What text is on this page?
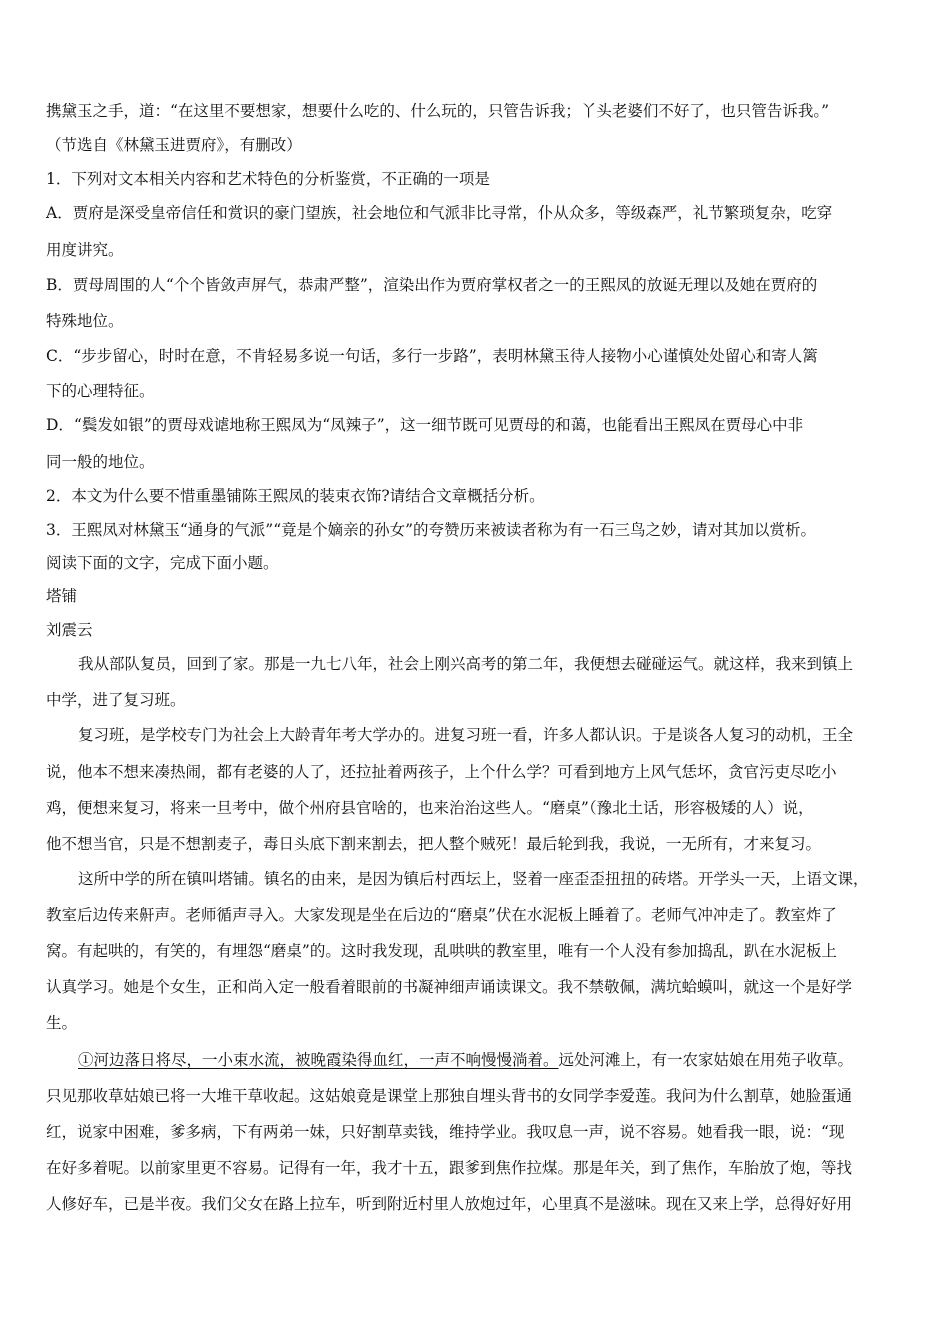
携黛玉之手，道：“在这里不要想家，想要什么吃的、什么玩的，只管告诉我；丫头老婆们不好了，也只管告诉我。”
（节选自《林黛玉进贾府》，有删改）
1．下列对文本相关内容和艺术特色的分析鉴赏，不正确的一项是
A．贾府是深受皇帝信任和赏识的豪门望族，社会地位和气派非比寻常，仆从众多，等级森严，礼节繁琐复杂，吃穿
用度讲究。
B．贾母周围的人“个个皆敛声屏气，恭肃严整”，渲染出作为贾府掌权者之一的王熙凤的放诞无理以及她在贾府的
特殊地位。
C．“步步留心，时时在意，不肯轻易多说一句话，多行一步路”，表明林黛玉待人接物小心谨慎处处留心和寄人篱
下的心理特征。
D．“鬓发如银”的贾母戏谑地称王熙凤为“凤辣子”，这一细节既可见贾母的和蔼，也能看出王熙凤在贾母心中非
同一般的地位。
2．本文为什么要不惜重墨铺陈王熙凤的装束衣饰?请结合文章概括分析。
3．王熙凤对林黛玉“通身的气派”“竟是个嫡亲的孙女”的夸赞历来被读者称为有一石三鸟之妙，请对其加以赏析。
阅读下面的文字，完成下面小题。
塔铺
刘震云
我从部队复员，回到了家。那是一九七八年，社会上刚兴高考的第二年，我便想去碰碰运气。就这样，我来到镇上
中学，进了复习班。
复习班，是学校专门为社会上大龄青年考大学办的。进复习班一看，许多人都认识。于是谈各人复习的动机，王全
说，他本不想来凑热闹，都有老婆的人了，还拉扯着两孩子，上个什么学？可看到地方上风气恁坏，贪官污吏尽吃小
鸡，便想来复习，将来一旦考中，做个州府县官啥的，也来治治这些人。“磨桌”（豫北土话，形容极矮的人）说，
他不想当官，只是不想割麦子，毒日头底下割来割去，把人整个贼死！最后轮到我，我说，一无所有，才来复习。
这所中学的所在镇叫塔铺。镇名的由来，是因为镇后村西坛上，竖着一座歪歪扭扭的砖塔。开学头一天，上语文课，
教室后边传来鼾声。老师循声寻入。大家发现是坐在后边的“磨桌”伏在水泥板上睡着了。老师气冲冲走了。教室炸了
窝。有起哄的，有笑的，有埋怨“磨桌”的。这时我发现，乱哄哄的教室里，唯有一个人没有参加捣乱，趴在水泥板上
认真学习。她是个女生，正和尚入定一般看着眼前的书凝神细声诵读课文。我不禁敬佩，满坑蛤蟆叫，就这一个是好学
生。
①河边落日将尽，一小束水流，被晚霞染得血红，一声不响慢慢淌着。远处河滩上，有一农家姑娘在用苑子收草。
只见那收草姑娘已将一大堆干草收起。这姑娘竟是课堂上那独自埋头背书的女同学李爱莲。我问为什么割草，她脸蛋通
红，说家中困难，爹多病，下有两弟一妹，只好割草卖钱，维持学业。我叹息一声，说不容易。她看我一眼，说：“现
在好多着呢。以前家里更不容易。记得有一年，我才十五，跟爹到焦作拉煤。那是年关，到了焦作，车胎放了炮，等找
人修好车，已是半夜。我们父女在路上拉车，听到附近村里人放炮过年，心里真不是滋味。现在又来上学，总得好好用
